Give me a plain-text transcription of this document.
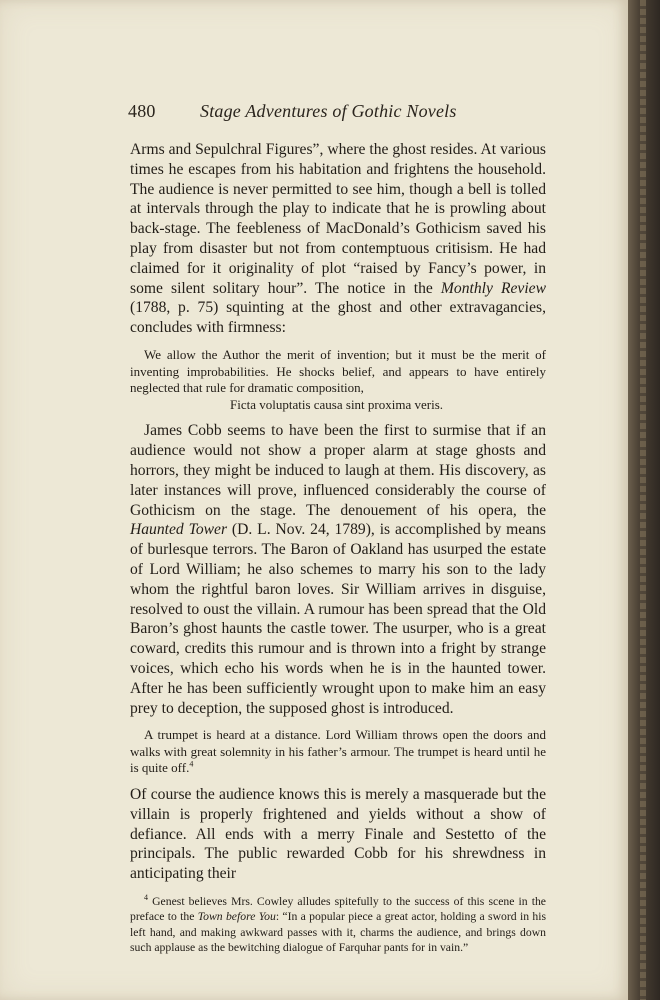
480 Stage Adventures of Gothic Novels

Arms and Sepulchral Figures”, where the ghost resides. At various times he escapes from his habitation and frightens the household. The audience is never permitted to see him, though a bell is tolled at intervals through the play to indicate that he is prowling about back-stage. The feebleness of MacDonald’s Gothicism saved his play from disaster but not from contemptuous critisism. He had claimed for it originality of plot “raised by Fancy’s power, in some silent solitary hour”. The notice in the Monthly Review (1788, p. 75) squinting at the ghost and other extravagancies, concludes with firmness:

We allow the Author the merit of invention; but it must be the merit of inventing improbabilities. He shocks belief, and appears to have entirely neglected that rule for dramatic composition,
Ficta voluptatis causa sint proxima veris.

James Cobb seems to have been the first to surmise that if an audience would not show a proper alarm at stage ghosts and horrors, they might be induced to laugh at them. His discovery, as later instances will prove, influenced considerably the course of Gothicism on the stage. The denouement of his opera, the Haunted Tower (D. L. Nov. 24, 1789), is accomplished by means of burlesque terrors. The Baron of Oakland has usurped the estate of Lord William; he also schemes to marry his son to the lady whom the rightful baron loves. Sir William arrives in disguise, resolved to oust the villain. A rumour has been spread that the Old Baron’s ghost haunts the castle tower. The usurper, who is a great coward, credits this rumour and is thrown into a fright by strange voices, which echo his words when he is in the haunted tower. After he has been sufficiently wrought upon to make him an easy prey to deception, the supposed ghost is introduced.

A trumpet is heard at a distance. Lord William throws open the doors and walks with great solemnity in his father’s armour. The trumpet is heard until he is quite off.$^4$

Of course the audience knows this is merely a masquerade but the villain is properly frightened and yields without a show of defiance. All ends with a merry Finale and Sestetto of the principals. The public rewarded Cobb for his shrewdness in anticipating their

$^4$ Genest believes Mrs. Cowley alludes spitefully to the success of this scene in the preface to the Town before You: “In a popular piece a great actor, holding a sword in his left hand, and making awkward passes with it, charms the audience, and brings down such applause as the bewitching dialogue of Farquhar pants for in vain.”
